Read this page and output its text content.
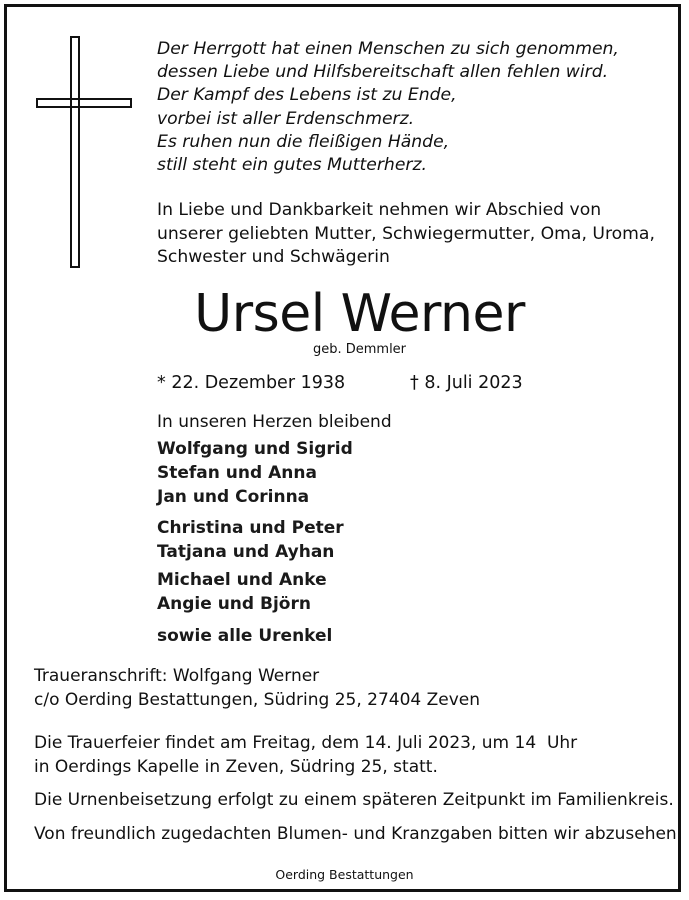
Der Herrgott hat einen Menschen zu sich genommen,
dessen Liebe und Hilfsbereitschaft allen fehlen wird.
Der Kampf des Lebens ist zu Ende,
vorbei ist aller Erdenschmerz.
Es ruhen nun die fleißigen Hände,
still steht ein gutes Mutterherz.
In Liebe und Dankbarkeit nehmen wir Abschied von
unserer geliebten Mutter, Schwiegermutter, Oma, Uroma,
Schwester und Schwägerin
Ursel Werner
geb. Demmler
* 22. Dezember 1938	† 8. Juli 2023
In unseren Herzen bleibend
Wolfgang und Sigrid
Stefan und Anna
Jan und Corinna
Christina und Peter
Tatjana und Ayhan
Michael und Anke
Angie und Björn
sowie alle Urenkel
Traueranschrift: Wolfgang Werner
c/o Oerding Bestattungen, Südring 25, 27404 Zeven
Die Trauerfeier findet am Freitag, dem 14. Juli 2023, um 14  Uhr
in Oerdings Kapelle in Zeven, Südring 25, statt.
Die Urnenbeisetzung erfolgt zu einem späteren Zeitpunkt im Familienkreis.
Von freundlich zugedachten Blumen- und Kranzgaben bitten wir abzusehen.
Oerding Bestattungen
